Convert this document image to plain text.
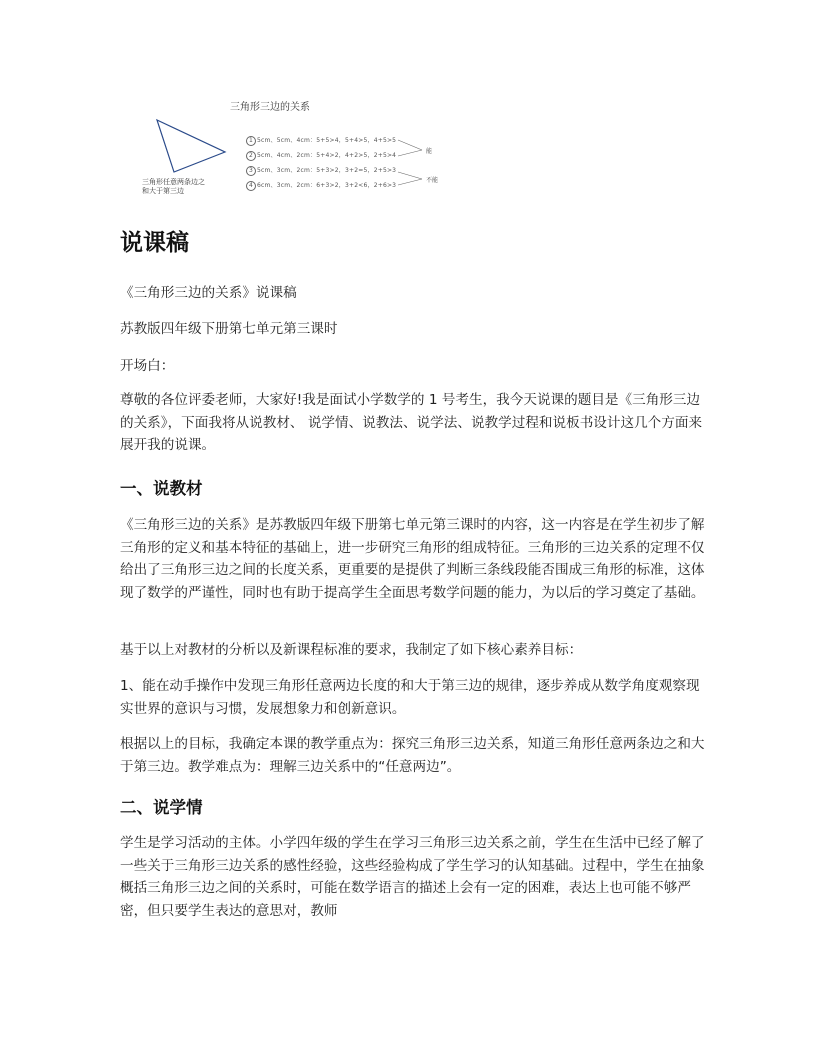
三角形三边的关系
1 5cm、5cm、4cm：5+5>4，5+4>5，4+5>5
2 5cm、4cm、2cm：5+4>2，4+2>5，2+5>4
3 5cm、3cm、2cm：5+3>2，3+2=5，2+5>3
4 6cm、3cm、2cm：6+3>2，3+2<6，2+6>3
能
不能
三角形任意两条边之和大于第三边
说课稿

《三角形三边的关系》说课稿

苏教版四年级下册第七单元第三课时

开场白：

尊敬的各位评委老师，大家好!我是面试小学数学的 1 号考生，我今天说课的题目是《三角形三边的关系》，下面我将从说教材、 说学情、说教法、说学法、说教学过程和说板书设计这几个方面来展开我的说课。

一、说教材

《三角形三边的关系》是苏教版四年级下册第七单元第三课时的内容，这一内容是在学生初步了解三角形的定义和基本特征的基础上，进一步研究三角形的组成特征。三角形的三边关系的定理不仅给出了三角形三边之间的长度关系，更重要的是提供了判断三条线段能否围成三角形的标准，这体现了数学的严谨性，同时也有助于提高学生全面思考数学问题的能力，为以后的学习奠定了基础。

基于以上对教材的分析以及新课程标准的要求，我制定了如下核心素养目标：

1、能在动手操作中发现三角形任意两边长度的和大于第三边的规律，逐步养成从数学角度观察现实世界的意识与习惯，发展想象力和创新意识。

根据以上的目标，我确定本课的教学重点为：探究三角形三边关系，知道三角形任意两条边之和大于第三边。教学难点为：理解三边关系中的“任意两边”。

二、说学情

学生是学习活动的主体。小学四年级的学生在学习三角形三边关系之前，学生在生活中已经了解了一些关于三角形三边关系的感性经验，这些经验构成了学生学习的认知基础。过程中，学生在抽象概括三角形三边之间的关系时，可能在数学语言的描述上会有一定的困难，表达上也可能不够严密，但只要学生表达的意思对，教师
